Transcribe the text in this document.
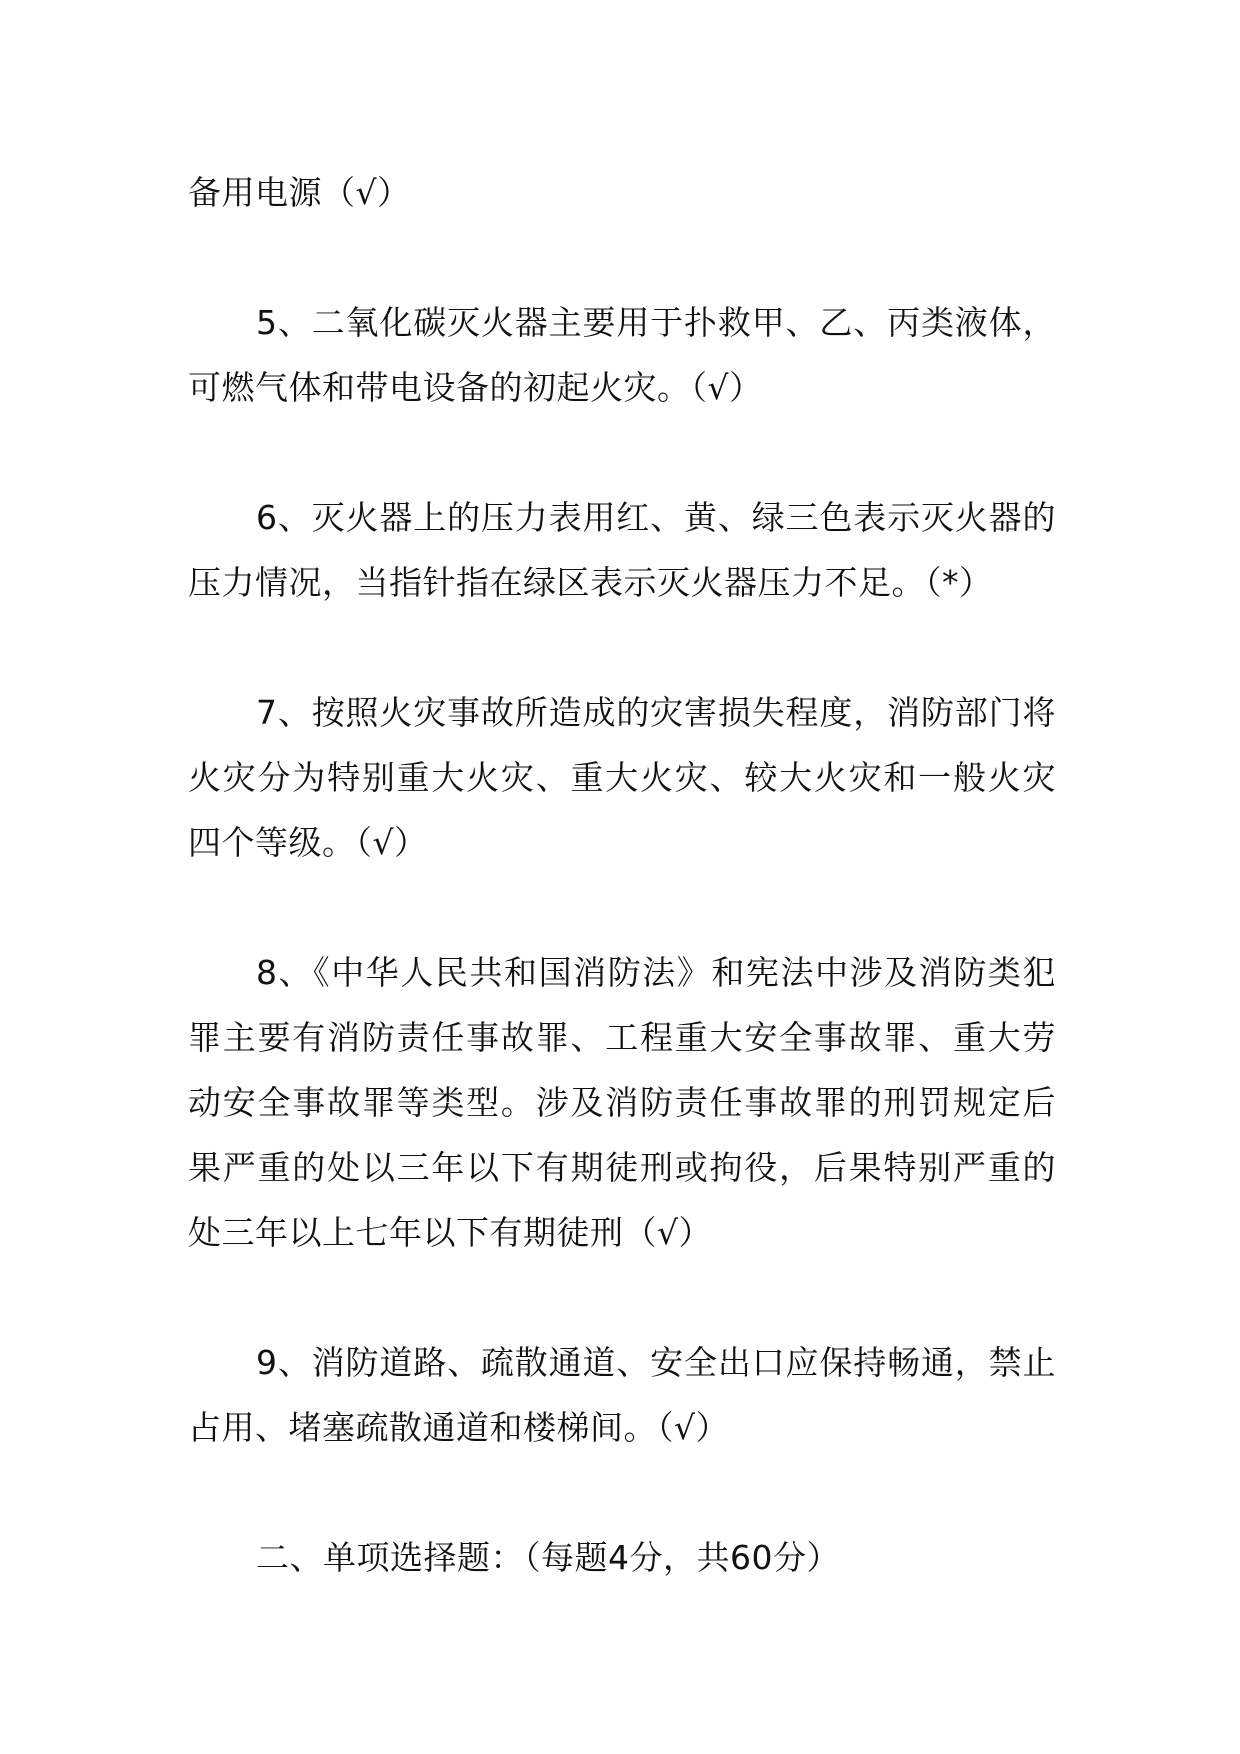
备用电源（√）

5、二氧化碳灭火器主要用于扑救甲、乙、丙类液体，可燃气体和带电设备的初起火灾。（√）

6、灭火器上的压力表用红、黄、绿三色表示灭火器的压力情况，当指针指在绿区表示灭火器压力不足。（*）

7、按照火灾事故所造成的灾害损失程度，消防部门将火灾分为特别重大火灾、重大火灾、较大火灾和一般火灾四个等级。（√）

8、《中华人民共和国消防法》和宪法中涉及消防类犯罪主要有消防责任事故罪、工程重大安全事故罪、重大劳动安全事故罪等类型。涉及消防责任事故罪的刑罚规定后果严重的处以三年以下有期徒刑或拘役，后果特别严重的处三年以上七年以下有期徒刑（√）

9、消防道路、疏散通道、安全出口应保持畅通，禁止占用、堵塞疏散通道和楼梯间。（√）

二、单项选择题：（每题4分，共60分）
